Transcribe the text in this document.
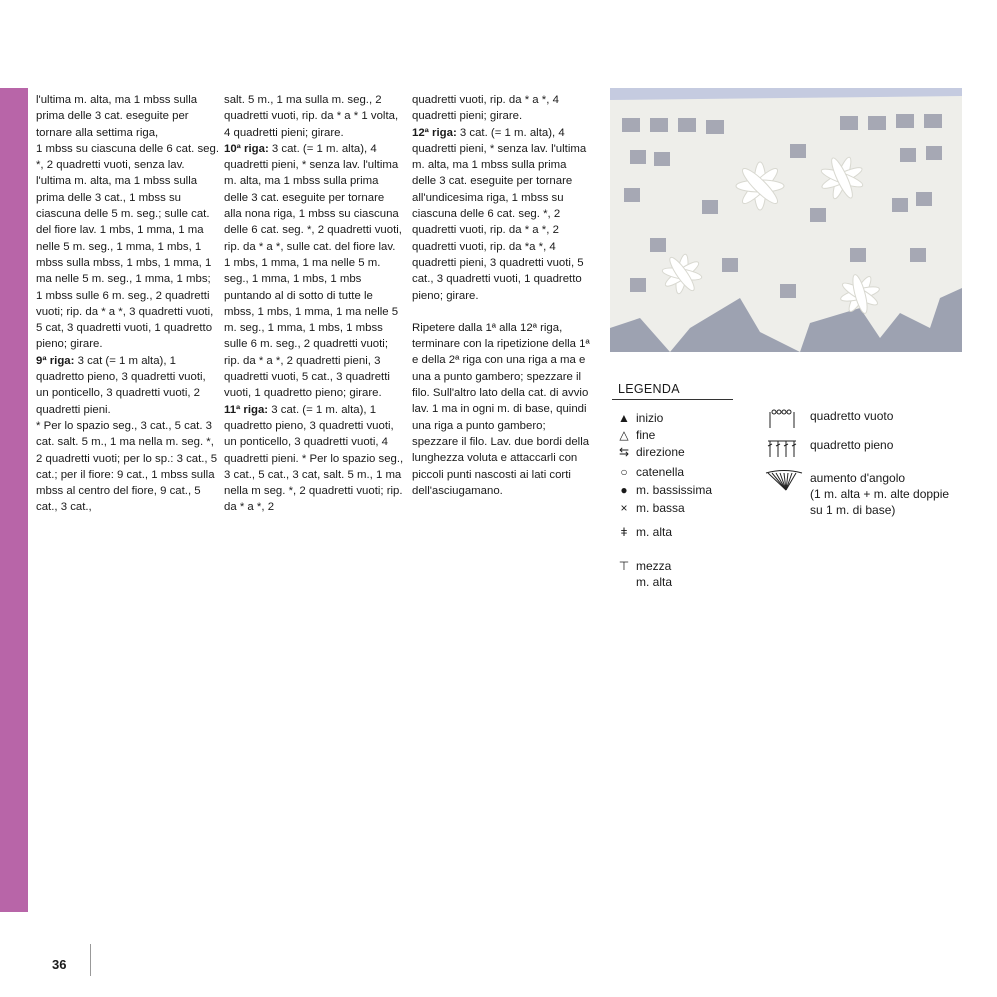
l'ultima m. alta, ma 1 mbss sulla prima delle 3 cat. eseguite per tornare alla settima riga,

1 mbss su ciascuna delle 6 cat. seg. *, 2 quadretti vuoti, senza lav. l'ultima m. alta, ma 1 mbss sulla prima delle 3 cat., 1 mbss su ciascuna delle 5 m. seg.; sulle cat. del fiore lav. 1 mbs, 1 mma, 1 ma nelle 5 m. seg., 1 mma, 1 mbs, 1 mbss sulla mbss, 1 mbs, 1 mma, 1 ma nelle 5 m. seg., 1 mma, 1 mbs; 1 mbss sulle 6 m. seg., 2 quadretti vuoti; rip. da * a *, 3 quadretti vuoti, 5 cat, 3 quadretti vuoti, 1 quadretto pieno; girare.

9ª riga: 3 cat (= 1 m alta), 1 quadretto pieno, 3 quadretti vuoti, un ponticello, 3 quadretti vuoti, 2 quadretti pieni.

* Per lo spazio seg., 3 cat., 5 cat. 3 cat. salt. 5 m., 1 ma nella m. seg. *, 2 quadretti vuoti; per lo sp.: 3 cat., 5 cat.; per il fiore: 9 cat., 1 mbss sulla mbss al centro del fiore, 9 cat., 5 cat., 3 cat.,

salt. 5 m., 1 ma sulla m. seg., 2 quadretti vuoti, rip. da * a * 1 volta, 4 quadretti pieni; girare.

10ª riga: 3 cat. (= 1 m. alta), 4 quadretti pieni, * senza lav. l'ultima m. alta, ma 1 mbss sulla prima delle 3 cat. eseguite per tornare alla nona riga, 1 mbss su ciascuna delle 6 cat. seg. *, 2 quadretti vuoti, rip. da * a *, sulle cat. del fiore lav. 1 mbs, 1 mma, 1 ma nelle 5 m. seg., 1 mma, 1 mbs, 1 mbs puntando al di sotto di tutte le mbss, 1 mbs, 1 mma, 1 ma nelle 5 m. seg., 1 mma, 1 mbs, 1 mbss sulle 6 m. seg., 2 quadretti vuoti; rip. da * a *, 2 quadretti pieni, 3 quadretti vuoti, 5 cat., 3 quadretti vuoti, 1 quadretto pieno; girare.

11ª riga: 3 cat. (= 1 m. alta), 1 quadretto pieno, 3 quadretti vuoti, un ponticello, 3 quadretti vuoti, 4 quadretti pieni. * Per lo spazio seg., 3 cat., 5 cat., 3 cat, salt. 5 m., 1 ma nella m seg. *, 2 quadretti vuoti; rip. da * a *, 2

quadretti vuoti, rip. da * a *, 4 quadretti pieni; girare.

12ª riga: 3 cat. (= 1 m. alta), 4 quadretti pieni, * senza lav. l'ultima m. alta, ma 1 mbss sulla prima delle 3 cat. eseguite per tornare all'undicesima riga, 1 mbss su ciascuna delle 6 cat. seg. *, 2 quadretti vuoti, rip. da * a *, 2 quadretti vuoti, rip. da *a *, 4 quadretti pieni, 3 quadretti vuoti, 5 cat., 3 quadretti vuoti, 1 quadretto pieno; girare.

Ripetere dalla 1ª alla 12ª riga, terminare con la ripetizione della 1ª e della 2ª riga con una riga a ma e una a punto gambero; spezzare il filo. Sull'altro lato della cat. di avvio lav. 1 ma in ogni m. di base, quindi una riga a punto gambero; spezzare il filo. Lav. due bordi della lunghezza voluta e attaccarli con piccoli punti nascosti ai lati corti dell'asciugamano.

LEGENDA
▲ inizio
△ fine
⇆ direzione
○ catenella
● m. bassissima
× m. bassa
ǂ m. alta
⊤ mezza
m. alta
quadretto vuoto
quadretto pieno
aumento d'angolo
(1 m. alta + m. alte doppie
su 1 m. di base)
36
